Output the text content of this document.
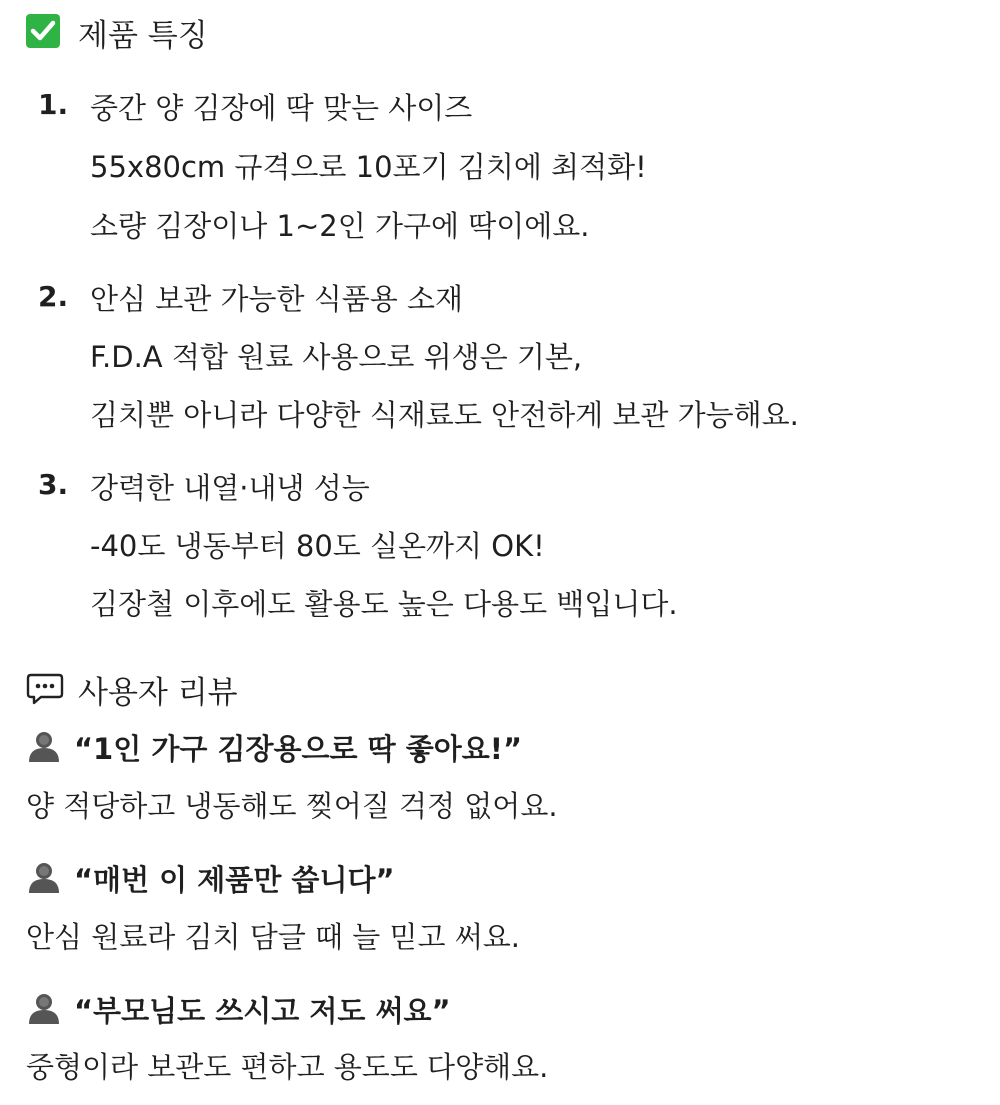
제품 특징
1. 중간 양 김장에 딱 맞는 사이즈
55x80cm 규격으로 10포기 김치에 최적화!
소량 김장이나 1~2인 가구에 딱이에요.
2. 안심 보관 가능한 식품용 소재
F.D.A 적합 원료 사용으로 위생은 기본,
김치뿐 아니라 다양한 식재료도 안전하게 보관 가능해요.
3. 강력한 내열·내냉 성능
-40도 냉동부터 80도 실온까지 OK!
김장철 이후에도 활용도 높은 다용도 백입니다.
사용자 리뷰
“1인 가구 김장용으로 딱 좋아요!”
양 적당하고 냉동해도 찢어질 걱정 없어요.
“매번 이 제품만 씁니다”
안심 원료라 김치 담글 때 늘 믿고 써요.
“부모님도 쓰시고 저도 써요”
중형이라 보관도 편하고 용도도 다양해요.
